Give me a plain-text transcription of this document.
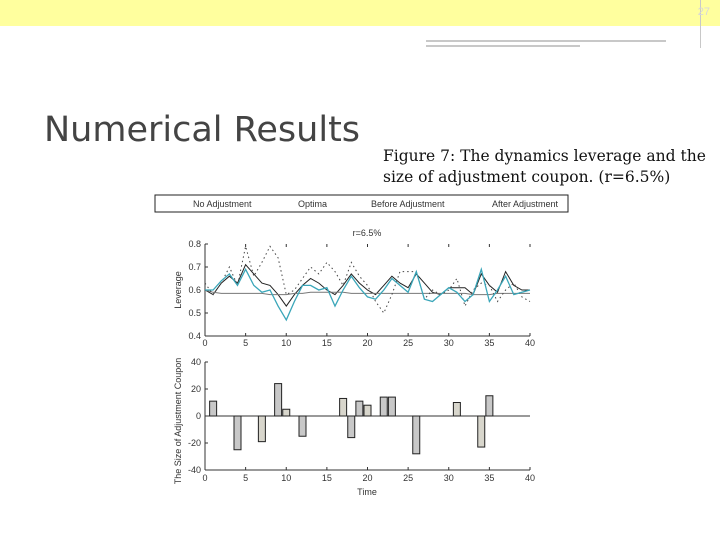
27
Numerical Results
Figure 7: The dynamics leverage and the size of adjustment coupon. (r=6.5%)
No Adjustment	Optima	Before Adjustment	After Adjustment
r=6.5%
0	5	10	15	20	25	30	35	40
0.4
0.5
0.6
0.7
0.8
Leverage
0	5	10	15	20	25	30	35	40
-40
-20
0
20
40
The Size of Adjustment Coupon
Time
